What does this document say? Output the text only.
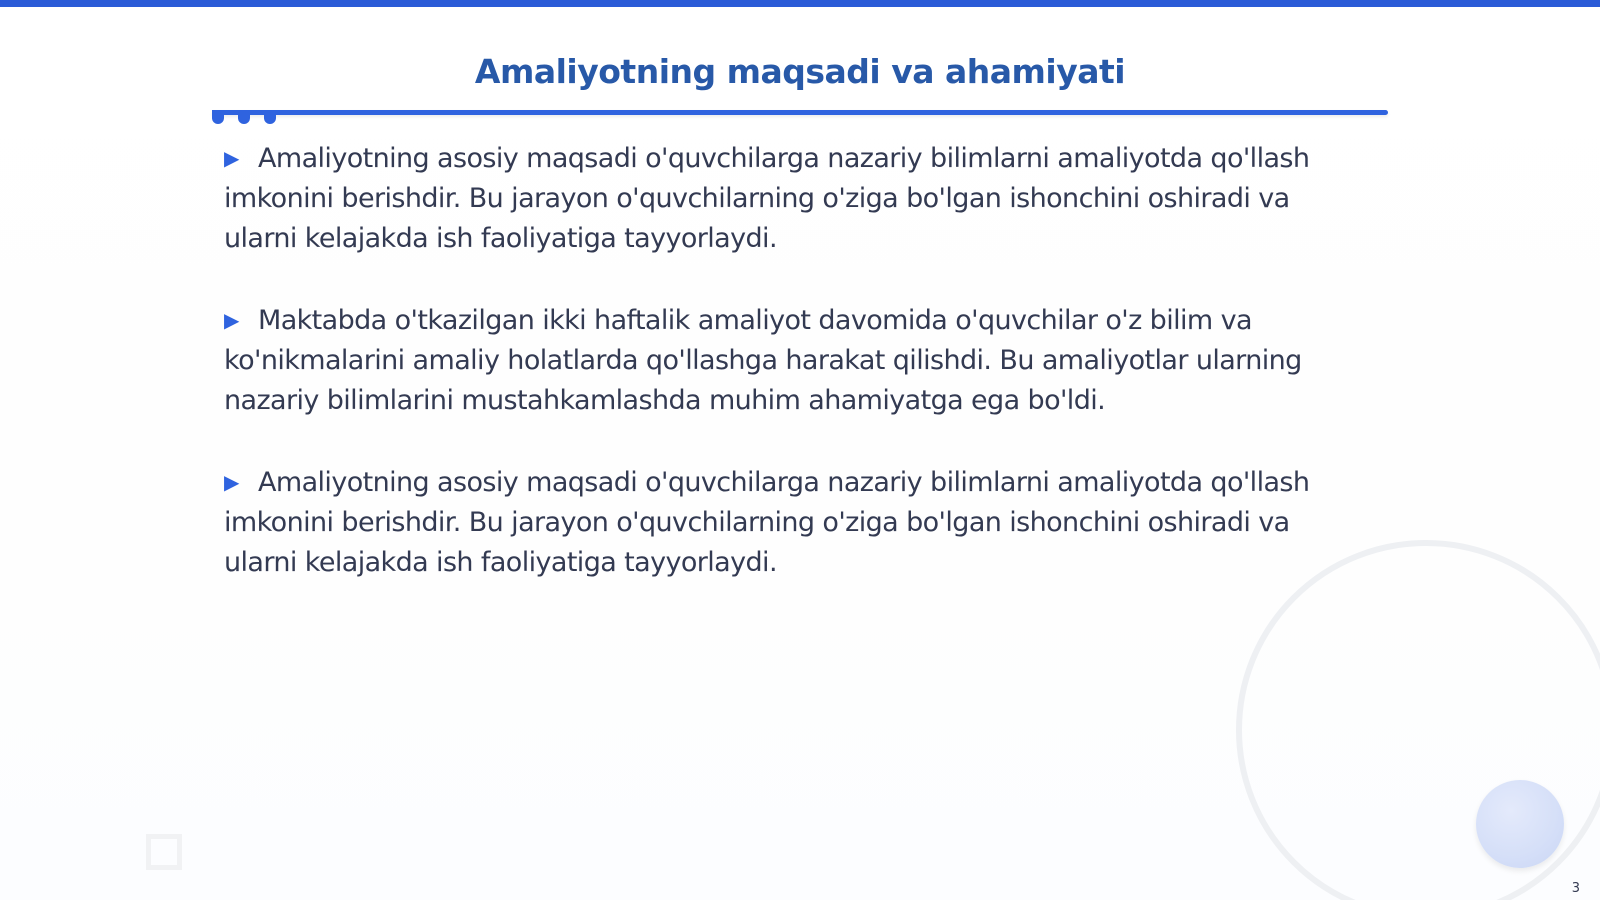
Amaliyotning maqsadi va ahamiyati

▶ Amaliyotning asosiy maqsadi o'quvchilarga nazariy bilimlarni amaliyotda qo'llash imkonini berishdir. Bu jarayon o'quvchilarning o'ziga bo'lgan ishonchini oshiradi va ularni kelajakda ish faoliyatiga tayyorlaydi.

▶ Maktabda o'tkazilgan ikki haftalik amaliyot davomida o'quvchilar o'z bilim va ko'nikmalarini amaliy holatlarda qo'llashga harakat qilishdi. Bu amaliyotlar ularning nazariy bilimlarini mustahkamlashda muhim ahamiyatga ega bo'ldi.

▶ Amaliyotning asosiy maqsadi o'quvchilarga nazariy bilimlarni amaliyotda qo'llash imkonini berishdir. Bu jarayon o'quvchilarning o'ziga bo'lgan ishonchini oshiradi va ularni kelajakda ish faoliyatiga tayyorlaydi.

3
